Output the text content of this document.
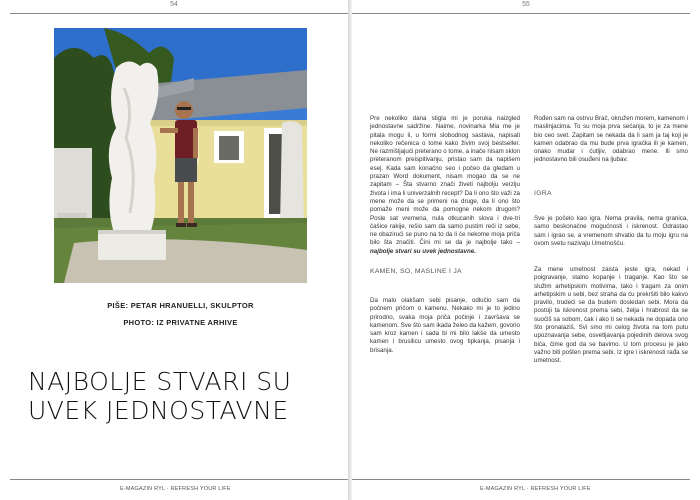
54
PIŠE: PETAR HRANUELLI, SKULPTOR
PHOTO: IZ PRIVATNE ARHIVE
NAJBOLJE STVARI SU
UVEK JEDNOSTAVNE
E-MAGAZIN RYL · REFRESH YOUR LIFE
55
E-MAGAZIN RYL · REFRESH YOUR LIFE
Pre nekoliko dana stigla mi je poruka naizgled jednostavne sadržine. Naime, novinarka Mia me je pitala mogu li, u formi slobodnog sastava, napisati nekoliko rečenica o tome kako živim svoj bestseller. Ne razmišljajući preterano o tome, a inače nisam sklon preteranom preispitivanju, pristao sam da napišem esej. Kada sam konačno seo i počeo da gledam u prazan Word dokument, nisam mogao da se ne zapitam – Šta stvarno znači živeti najbolju verziju života i ima li univerzalnih recept? Da li ono što važi za mene može da se primeni na druge, da li ono što pomaže meni može da pomogne nekom drugom? Posle sat vremena, nula otkucanih slova i dve-tri čašice rakije, rešio sam da samo pustim reči iz sebe, ne obazirući se puno na to da li će nekome moja priča bilo šta značiti. Čini mi se da je najbolje tako – najbolje stvari su uvek jednostavne.
KAMEN, SO, MASLINE I JA
Da malo olakšam sebi pisanje, odlučio sam da počnem pričom o kamenu. Nekako mi je to jedino prirodno, svaka moja priča počinje i završava se kamenom. Sve što sam ikada želeo da kažem, govorio sam kroz kamen i sada bi mi bilo lakše da umesto kamen i brusilicu umesto ovog tipkanja, pisanja i brisanja.
Rođen sam na ostrvu Brač, okružen morem, kamenom i maslinjacima. To su moja prva sećanja, to je za mene bio ceo svet. Zapitam se nekada da li sam ja taj koji je kamen odabrao da mu bude prva igračka ili je kamen, onako mudar i ćutljiv, odabrao mene. Ili smo jednostavno bili osuđeni na ljubav.
IGRA
Sve je počelo kao igra. Nema pravila, nema granica, samo beskonačne mogućnosti i iskrenost. Odrastao sam i igrao se, a vremenom shvatio da tu moju igru na ovom svetu nazivaju Umetnošću.
Za mene umetnost zaista jeste igra, nekad i poigravanje, stalno kopanje i traganje. Kao što se služim arhetipskim motivima, tako i tragam za onim arhetipskim u sebi, bez straha da ću prekršiti bilo kakvo pravilo, trudeći se da budem dosledan sebi. Mora da postoji ta iskrenost prema sebi, želja i hrabrost da se suočiš sa sobom, čak i ako ti se nekada ne dopada ono što pronalaziš. Svi smo mi celog života na tom putu upoznavanja sebe, osvetljavanja pojedinih delova svog bića, čime god da se bavimo. U tom procesu je jako važno biti pošten prema sebi. Iz igre i iskrenosti rađa se umetnost.
